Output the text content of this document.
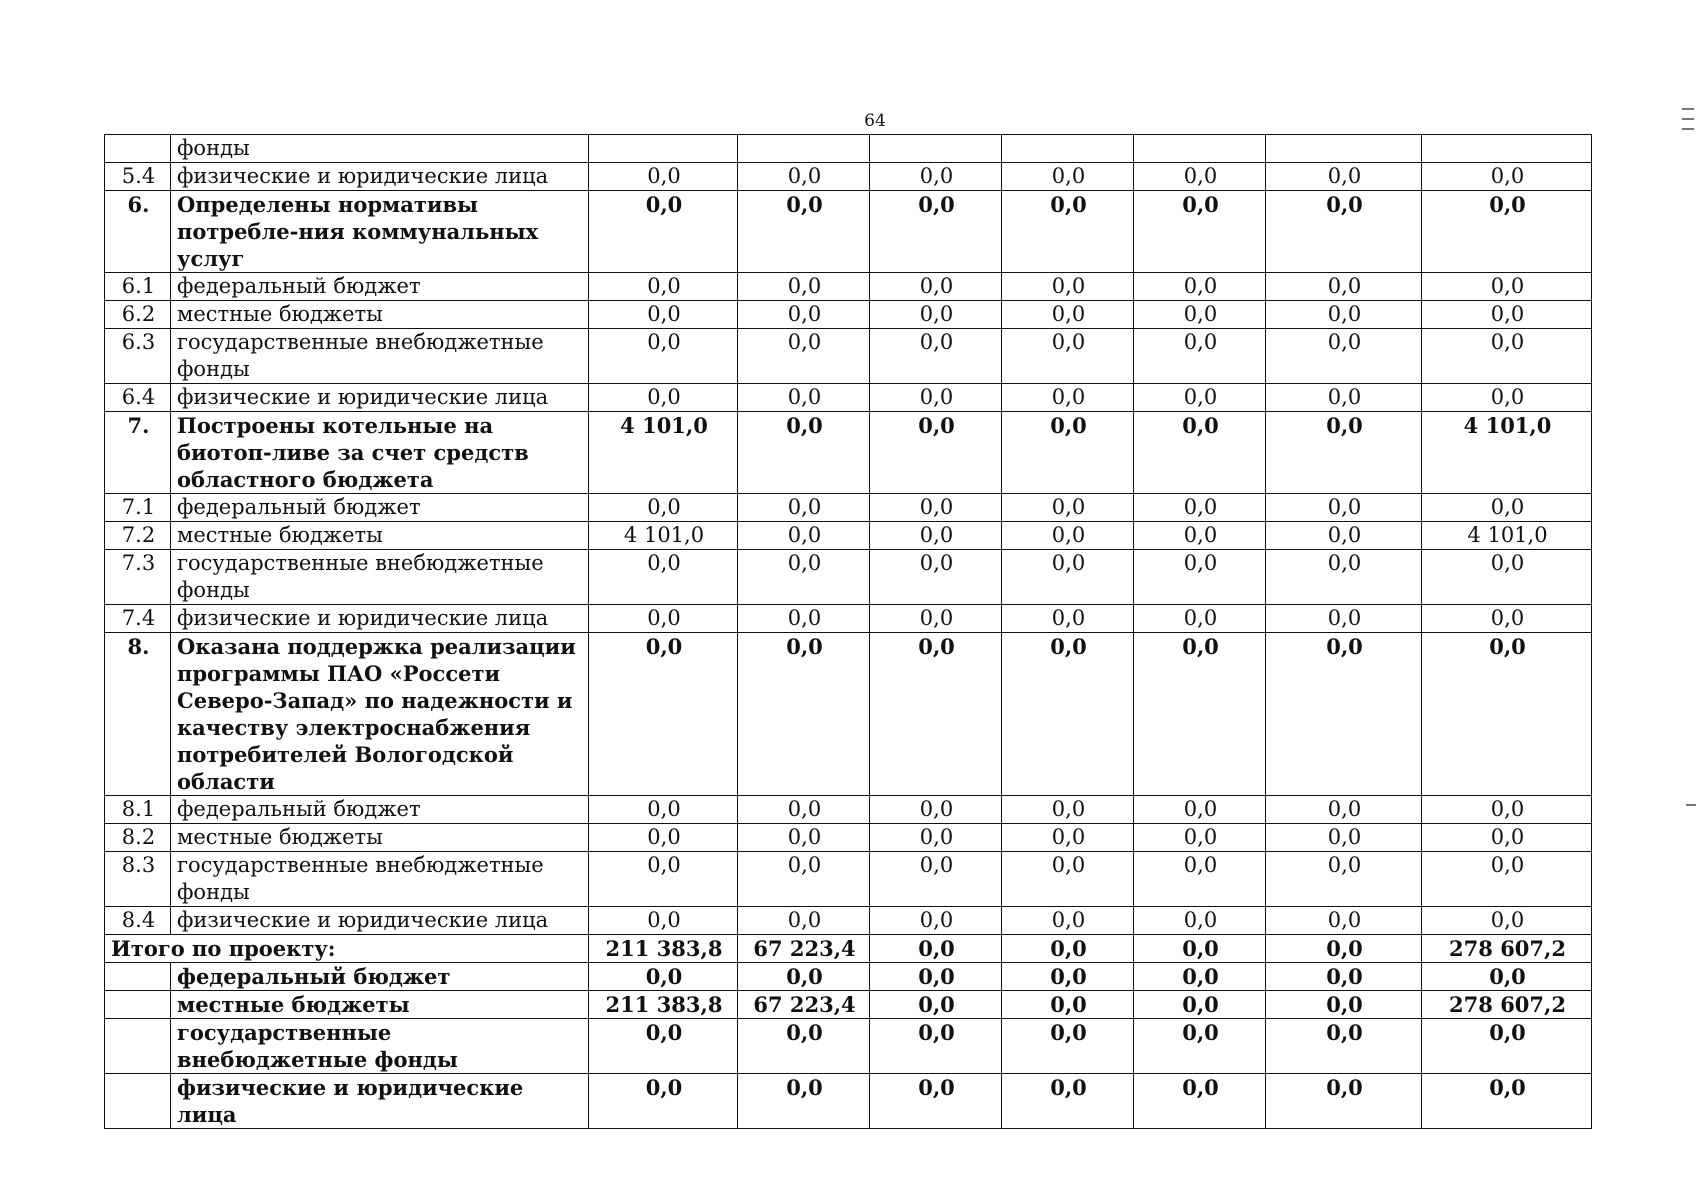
64
	фонды							
5.4	физические и юридические лица	0,0	0,0	0,0	0,0	0,0	0,0	0,0
6.	Определены нормативы потребле-ния коммунальных услуг	0,0	0,0	0,0	0,0	0,0	0,0	0,0
6.1	федеральный бюджет	0,0	0,0	0,0	0,0	0,0	0,0	0,0
6.2	местные бюджеты	0,0	0,0	0,0	0,0	0,0	0,0	0,0
6.3	государственные внебюджетные фонды	0,0	0,0	0,0	0,0	0,0	0,0	0,0
6.4	физические и юридические лица	0,0	0,0	0,0	0,0	0,0	0,0	0,0
7.	Построены котельные на биотоп-ливе за счет средств областного бюджета	4 101,0	0,0	0,0	0,0	0,0	0,0	4 101,0
7.1	федеральный бюджет	0,0	0,0	0,0	0,0	0,0	0,0	0,0
7.2	местные бюджеты	4 101,0	0,0	0,0	0,0	0,0	0,0	4 101,0
7.3	государственные внебюджетные фонды	0,0	0,0	0,0	0,0	0,0	0,0	0,0
7.4	физические и юридические лица	0,0	0,0	0,0	0,0	0,0	0,0	0,0
8.	Оказана поддержка реализации программы ПАО «Россети Северо-Запад» по надежности и качеству электроснабжения потребителей Вологодской области	0,0	0,0	0,0	0,0	0,0	0,0	0,0
8.1	федеральный бюджет	0,0	0,0	0,0	0,0	0,0	0,0	0,0
8.2	местные бюджеты	0,0	0,0	0,0	0,0	0,0	0,0	0,0
8.3	государственные внебюджетные фонды	0,0	0,0	0,0	0,0	0,0	0,0	0,0
8.4	физические и юридические лица	0,0	0,0	0,0	0,0	0,0	0,0	0,0
Итого по проекту:		211 383,8	67 223,4	0,0	0,0	0,0	0,0	278 607,2
	федеральный бюджет	0,0	0,0	0,0	0,0	0,0	0,0	0,0
	местные бюджеты	211 383,8	67 223,4	0,0	0,0	0,0	0,0	278 607,2
	государственные внебюджетные фонды	0,0	0,0	0,0	0,0	0,0	0,0	0,0
	физические и юридические лица	0,0	0,0	0,0	0,0	0,0	0,0	0,0
